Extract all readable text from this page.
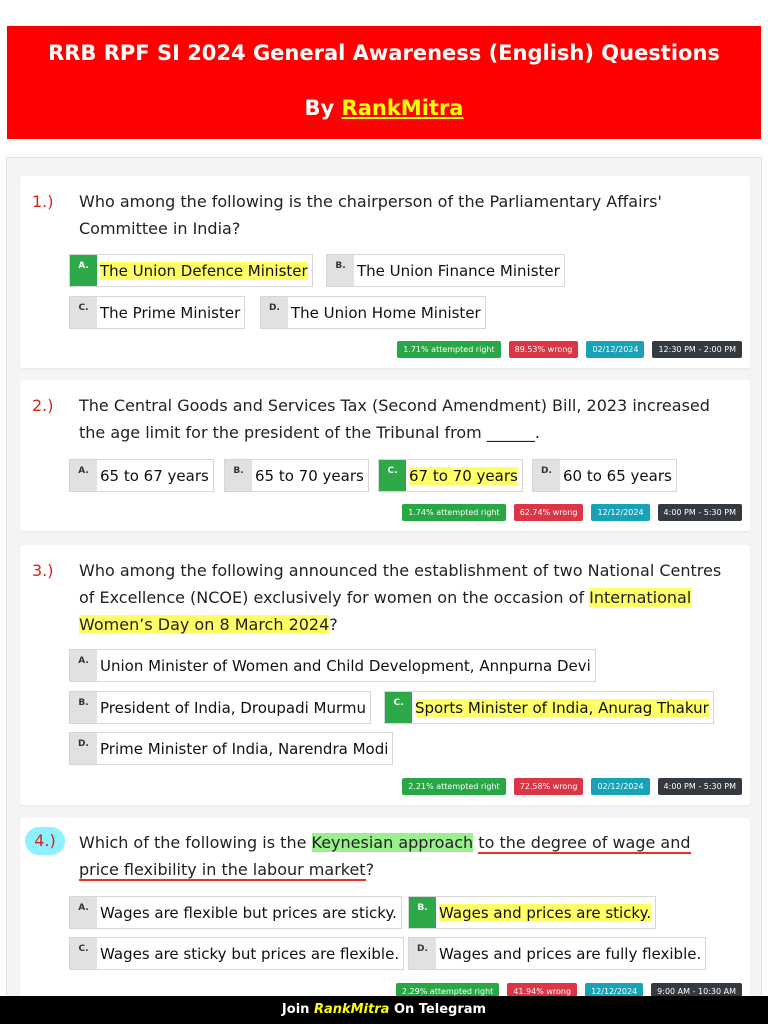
RRB RPF SI 2024 General Awareness (English) Questions
By RankMitra
1.) Who among the following is the chairperson of the Parliamentary Affairs' Committee in India?
A. The Union Defence Minister	B. The Union Finance Minister
C. The Prime Minister	D. The Union Home Minister
1.71% attempted right	89.53% wrong	02/12/2024	12:30 PM - 2:00 PM
2.) The Central Goods and Services Tax (Second Amendment) Bill, 2023 increased the age limit for the president of the Tribunal from ______.
A. 65 to 67 years	B. 65 to 70 years	C. 67 to 70 years	D. 60 to 65 years
1.74% attempted right	62.74% wrong	12/12/2024	4:00 PM - 5:30 PM
3.) Who among the following announced the establishment of two National Centres of Excellence (NCOE) exclusively for women on the occasion of International Women’s Day on 8 March 2024?
A. Union Minister of Women and Child Development, Annpurna Devi
B. President of India, Droupadi Murmu	C. Sports Minister of India, Anurag Thakur
D. Prime Minister of India, Narendra Modi
2.21% attempted right	72.58% wrong	02/12/2024	4:00 PM - 5:30 PM
4.)	Which of the following is the Keynesian approach to the degree of wage and price flexibility in the labour market?
A. Wages are flexible but prices are sticky.	B. Wages and prices are sticky.
C. Wages are sticky but prices are flexible.	D. Wages and prices are fully flexible.
2.29% attempted right	41.94% wrong	12/12/2024	9:00 AM - 10:30 AM
Join RankMitra On Telegram
